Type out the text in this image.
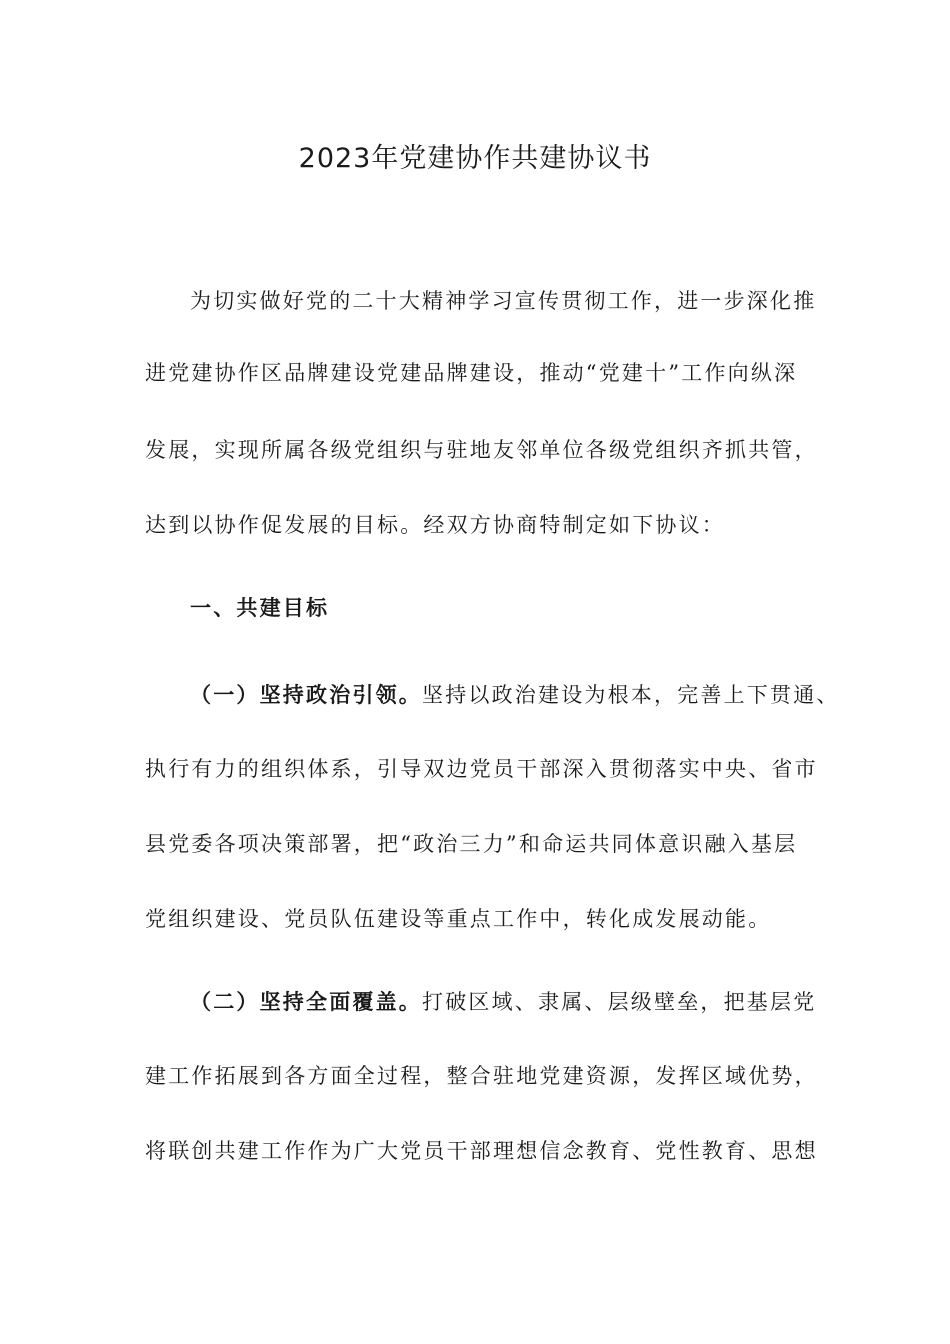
2023年党建协作共建协议书
为切实做好党的二十大精神学习宣传贯彻工作，进一步深化推
进党建协作区品牌建设党建品牌建设，推动“党建十”工作向纵深
发展，实现所属各级党组织与驻地友邻单位各级党组织齐抓共管，
达到以协作促发展的目标。经双方协商特制定如下协议：
一、共建目标
（一）坚持政治引领。坚持以政治建设为根本，完善上下贯通、
执行有力的组织体系，引导双边党员干部深入贯彻落实中央、省市
县党委各项决策部署，把“政治三力”和命运共同体意识融入基层
党组织建设、党员队伍建设等重点工作中，转化成发展动能。
（二）坚持全面覆盖。打破区域、隶属、层级壁垒，把基层党
建工作拓展到各方面全过程，整合驻地党建资源，发挥区域优势，
将联创共建工作作为广大党员干部理想信念教育、党性教育、思想
